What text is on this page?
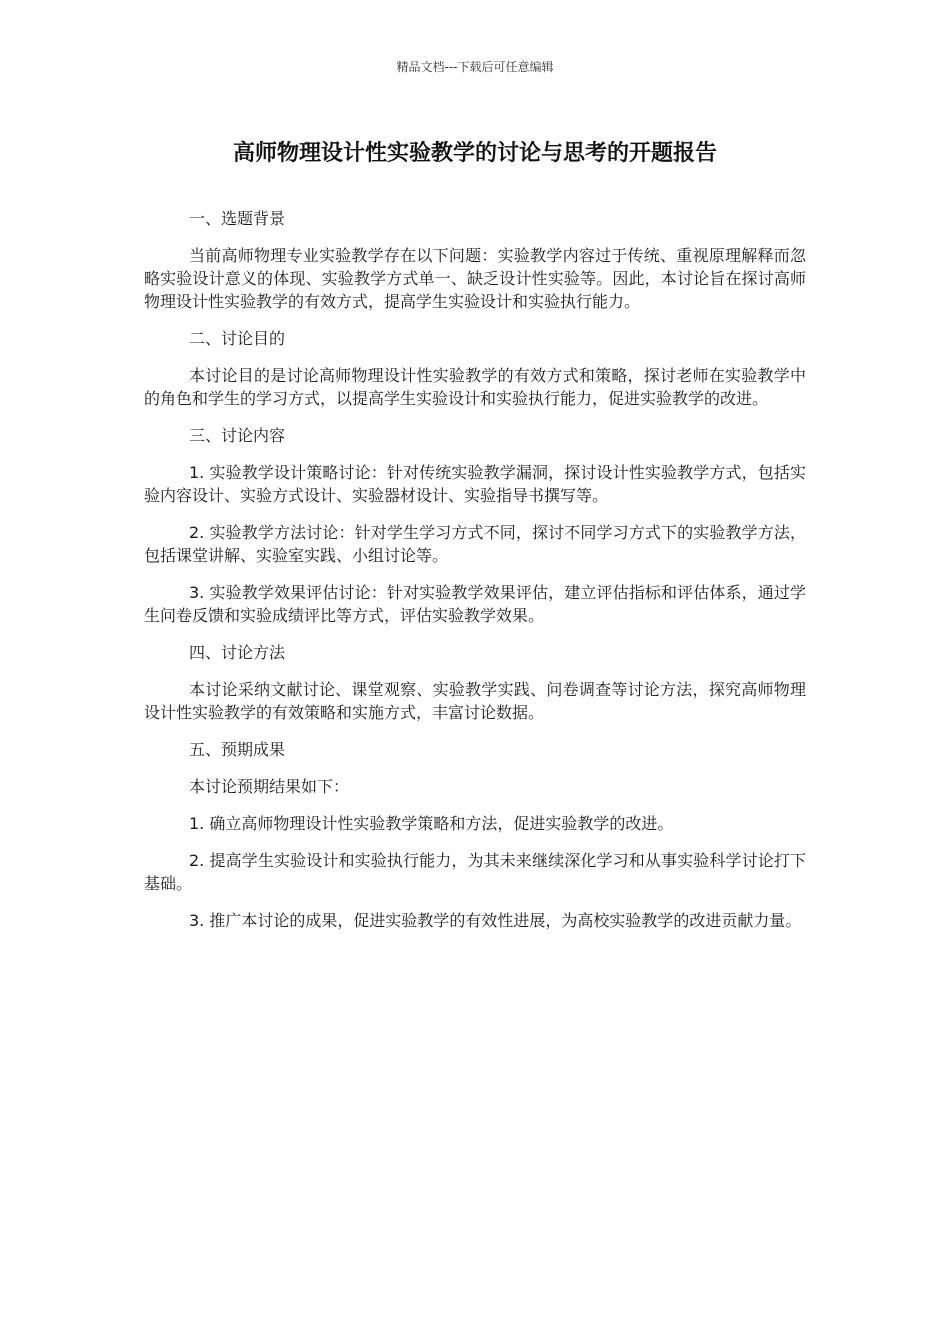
精品文档---下载后可任意编辑
高师物理设计性实验教学的讨论与思考的开题报告

一、选题背景

当前高师物理专业实验教学存在以下问题：实验教学内容过于传统、重视原理解释而忽略实验设计意义的体现、实验教学方式单一、缺乏设计性实验等。因此，本讨论旨在探讨高师物理设计性实验教学的有效方式，提高学生实验设计和实验执行能力。

二、讨论目的

本讨论目的是讨论高师物理设计性实验教学的有效方式和策略，探讨老师在实验教学中的角色和学生的学习方式，以提高学生实验设计和实验执行能力，促进实验教学的改进。

三、讨论内容

1. 实验教学设计策略讨论：针对传统实验教学漏洞，探讨设计性实验教学方式，包括实验内容设计、实验方式设计、实验器材设计、实验指导书撰写等。

2. 实验教学方法讨论：针对学生学习方式不同，探讨不同学习方式下的实验教学方法，包括课堂讲解、实验室实践、小组讨论等。

3. 实验教学效果评估讨论：针对实验教学效果评估，建立评估指标和评估体系，通过学生问卷反馈和实验成绩评比等方式，评估实验教学效果。

四、讨论方法

本讨论采纳文献讨论、课堂观察、实验教学实践、问卷调查等讨论方法，探究高师物理设计性实验教学的有效策略和实施方式，丰富讨论数据。

五、预期成果

本讨论预期结果如下：

1. 确立高师物理设计性实验教学策略和方法，促进实验教学的改进。

2. 提高学生实验设计和实验执行能力，为其未来继续深化学习和从事实验科学讨论打下基础。

3. 推广本讨论的成果，促进实验教学的有效性进展，为高校实验教学的改进贡献力量。
